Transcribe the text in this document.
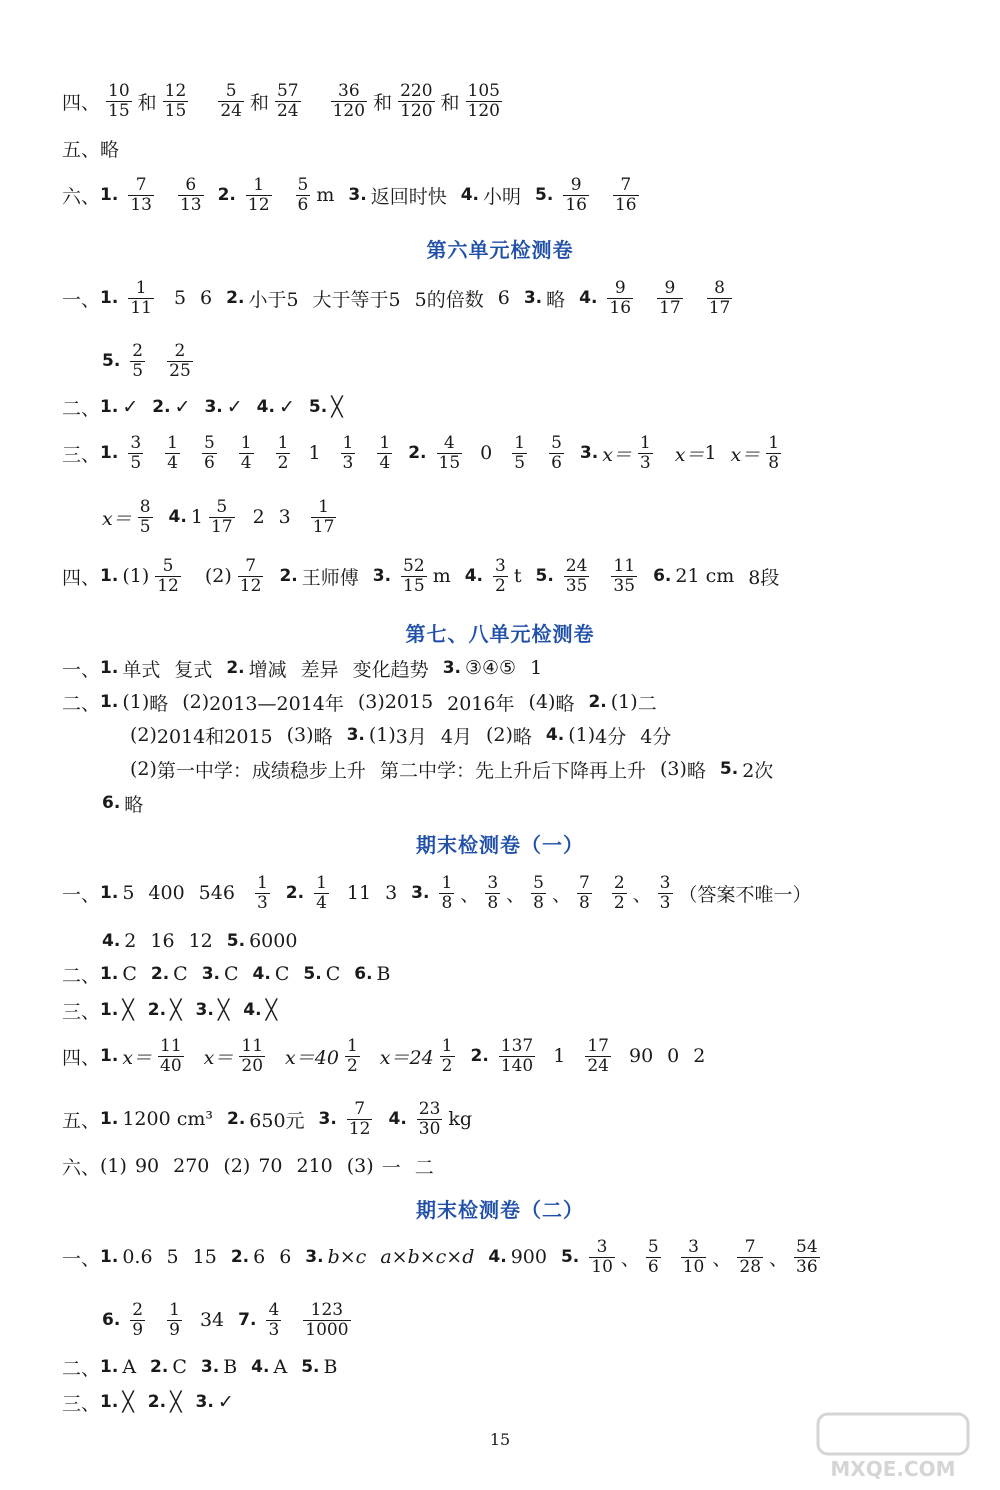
四、
10
15 和
12
15
5
24 和
57
24
36
120 和
220
120 和
105
120
五、 略
六、 1.
7
13
6
13 2.
1
12
5
6 m 3. 返回时快 4. 小明 5.
9
16
7
16
第六单元检测卷
一、 1.
1
11 5 6 2. 小于5 大于等于5 5的倍数 6 3. 略 4.
9
16
9
17
8
17
5.
2
5
2
25
二、 1. ✓ 2. ✓ 3. ✓ 4. ✓ 5. ╳
三、 1.
3
5
1
4
5
6
1
4
1
2 1 1
3
1
4 2.
4
15 0 1
5
5
6 3. x＝
1
3 x＝ 1 x＝
1
8
x＝
8
5 4. 1 5
17 2 3 1
17
四、 1. (1) 5
12 (2) 7
12 2. 王师傅 3.
52
15 m 4.
3
2 t 5.
24
35
11
35 6. 21 cm 8段
第七、八单元检测卷
一、 1. 单式 复式 2. 增减 差异 变化趋势 3. ③④⑤ 1
二、 1. (1) 略 (2) 2013—2014年 (3) 2015 2016年 (4) 略 2. (1) 二
(2) 2014和2015 (3) 略 3. (1) 3月 4月 (2) 略 4. (1) 4分 4分
(2) 第一中学：成绩稳步上升 第二中学：先上升后下降再上升 (3) 略 5. 2次
6. 略
期末检测卷（一）
一、 1. 5 400 546 1
3 2.
1
4 11 3 3.
1
8 、
3
8 、
5
8 、
7
8
2
2 、
3
3 （答案不唯一）
4. 2 16 12 5. 6000
二、 1. C 2. C 3. C 4. C 5. C 6. B
三、 1. ╳ 2. ╳ 3. ╳ 4. ╳
四、 1. x＝
11
40 x＝
11
20 x＝40
1
2 x＝24
1
2 2.
137
140 1 17
24 90 0 2
五、 1. 1200 cm³ 2. 650元 3.
7
12 4.
23
30 kg
六、 (1) 90 270 (2) 70 210 (3) 一 二
期末检测卷（二）
一、 1. 0.6 5 15 2. 6 6 3. b×c a×b×c×d 4. 900 5.
3
10 、
5
6
3
10 、
7
28 、
54
36
6.
2
9
1
9 34 7.
4
3
123
1000
二、 1. A 2. C 3. B 4. A 5. B
三、 1. ╳ 2. ╳ 3. ✓
15
MXQE.COM
